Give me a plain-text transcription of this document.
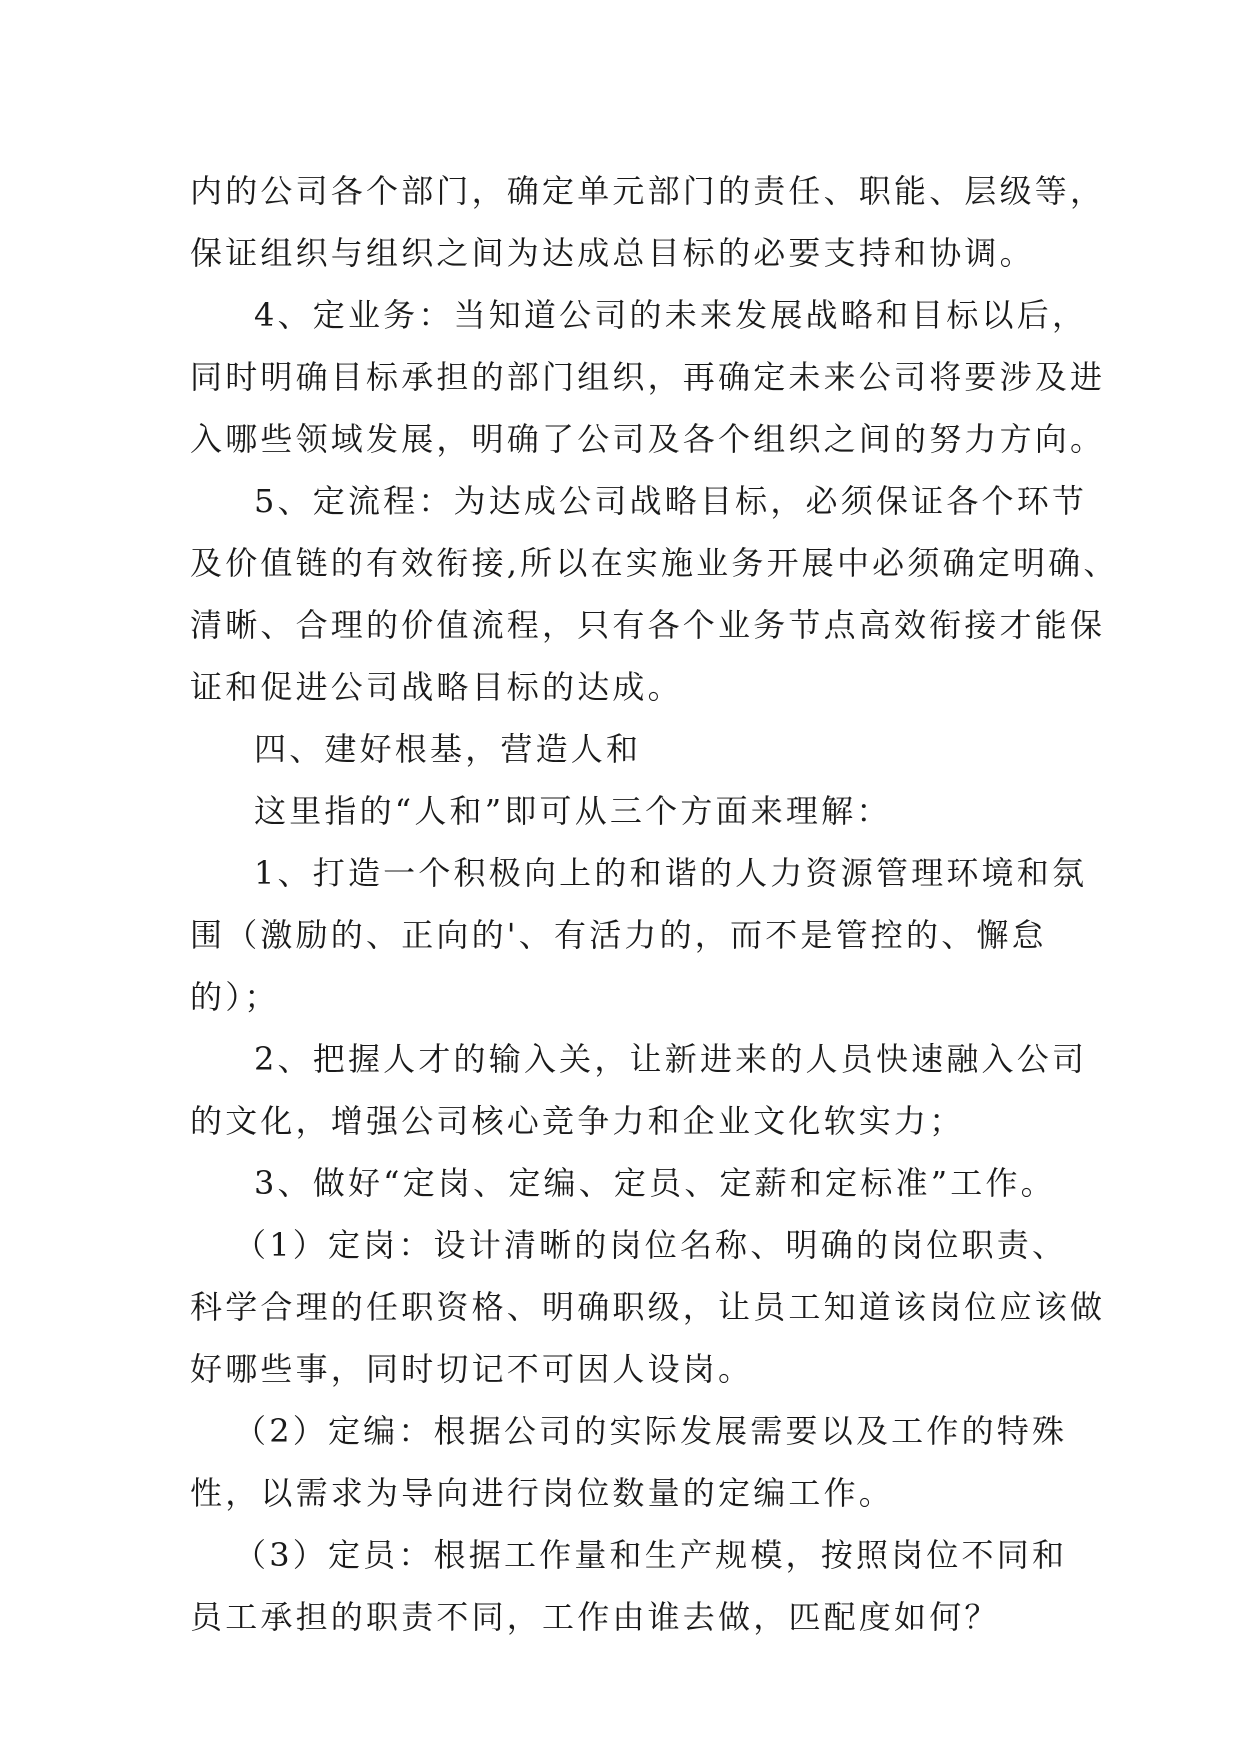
内的公司各个部门，确定单元部门的责任、职能、层级等，
保证组织与组织之间为达成总目标的必要支持和协调。
4、定业务：当知道公司的未来发展战略和目标以后，
同时明确目标承担的部门组织，再确定未来公司将要涉及进
入哪些领域发展，明确了公司及各个组织之间的努力方向。
5、定流程：为达成公司战略目标，必须保证各个环节
及价值链的有效衔接,所以在实施业务开展中必须确定明确、
清晰、合理的价值流程，只有各个业务节点高效衔接才能保
证和促进公司战略目标的达成。
四、建好根基，营造人和
这里指的“人和”即可从三个方面来理解：
1、打造一个积极向上的和谐的人力资源管理环境和氛
围（激励的、正向的'、有活力的，而不是管控的、懈怠
的）；
2、把握人才的输入关，让新进来的人员快速融入公司
的文化，增强公司核心竞争力和企业文化软实力；
3、做好“定岗、定编、定员、定薪和定标准”工作。
（1）定岗：设计清晰的岗位名称、明确的岗位职责、
科学合理的任职资格、明确职级，让员工知道该岗位应该做
好哪些事，同时切记不可因人设岗。
（2）定编：根据公司的实际发展需要以及工作的特殊
性，以需求为导向进行岗位数量的定编工作。
（3）定员：根据工作量和生产规模，按照岗位不同和
员工承担的职责不同，工作由谁去做，匹配度如何？
